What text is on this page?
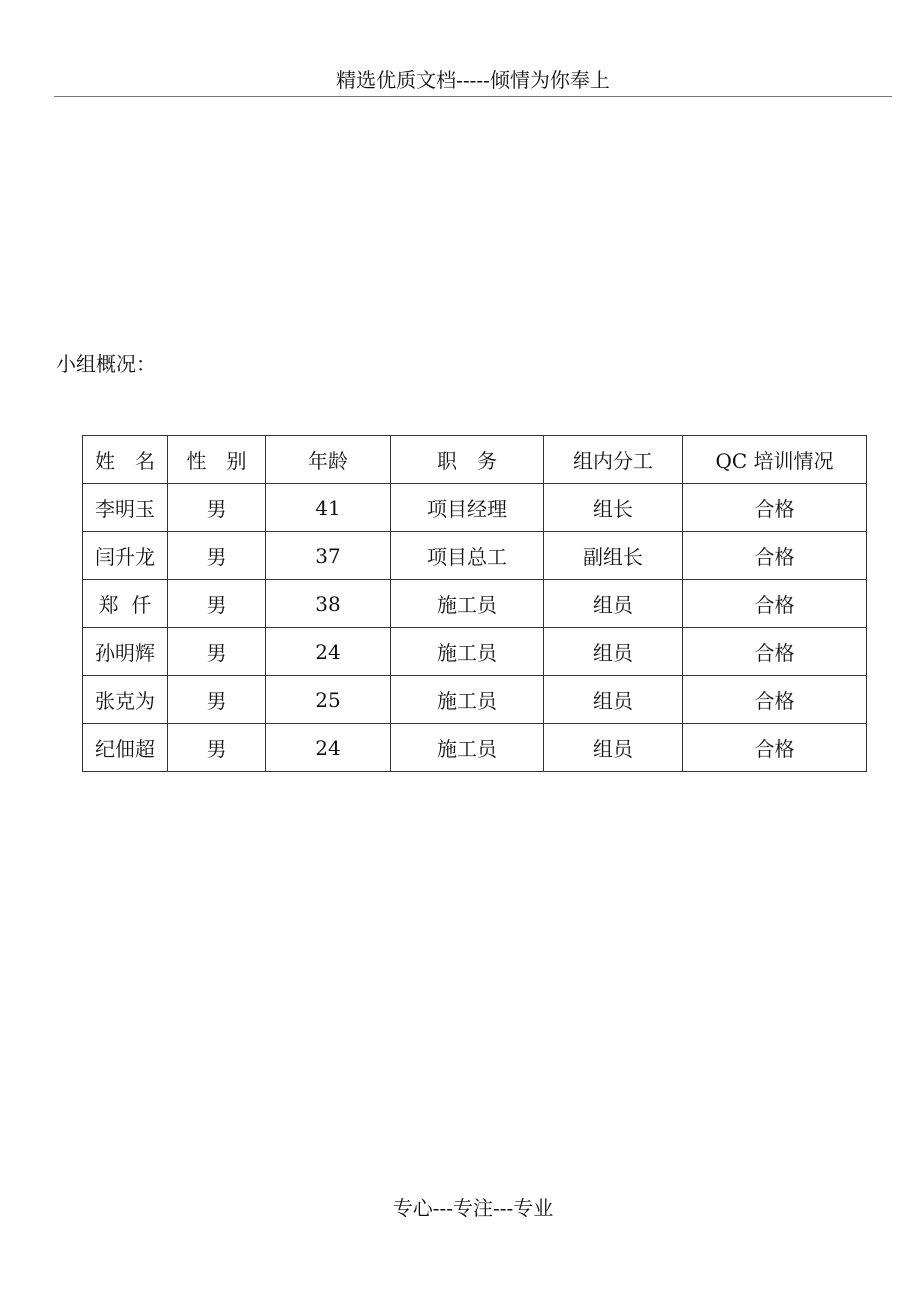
精选优质文档-----倾情为你奉上
小组概况：
姓　名	性　别	年龄	职　务	组内分工	QC 培训情况
李明玉	男	41	项目经理	组长	合格
闫升龙	男	37	项目总工	副组长	合格
郑  仟	男	38	施工员	组员	合格
孙明辉	男	24	施工员	组员	合格
张克为	男	25	施工员	组员	合格
纪佃超	男	24	施工员	组员	合格
专心---专注---专业
